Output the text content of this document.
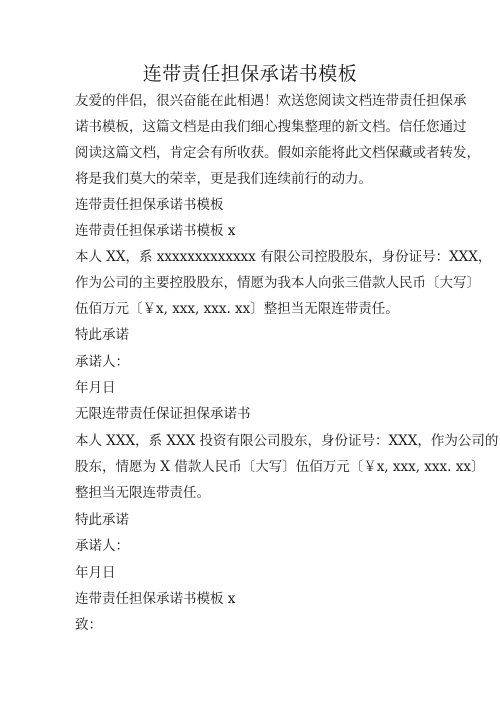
连带责任担保承诺书模板
友爱的伴侣，很兴奋能在此相遇！欢送您阅读文档连带责任担保承
诺书模板，这篇文档是由我们细心搜集整理的新文档。信任您通过
阅读这篇文档，肯定会有所收获。假如亲能将此文档保藏或者转发，
将是我们莫大的荣幸，更是我们连续前行的动力。
连带责任担保承诺书模板
连带责任担保承诺书模板 x
本人 XX，系 xxxxxxxxxxxxx 有限公司控股股东，身份证号：XXX，
作为公司的主要控股股东，情愿为我本人向张三借款人民币〔大写〕
伍佰万元〔￥x, xxx, xxx. xx〕整担当无限连带责任。
特此承诺
承诺人：
年月日
无限连带责任保证担保承诺书
本人 XXX，系 XXX 投资有限公司股东，身份证号：XXX，作为公司的
股东，情愿为 X 借款人民币〔大写〕伍佰万元〔￥x, xxx, xxx. xx〕
整担当无限连带责任。
特此承诺
承诺人：
年月日
连带责任担保承诺书模板 x
致：
